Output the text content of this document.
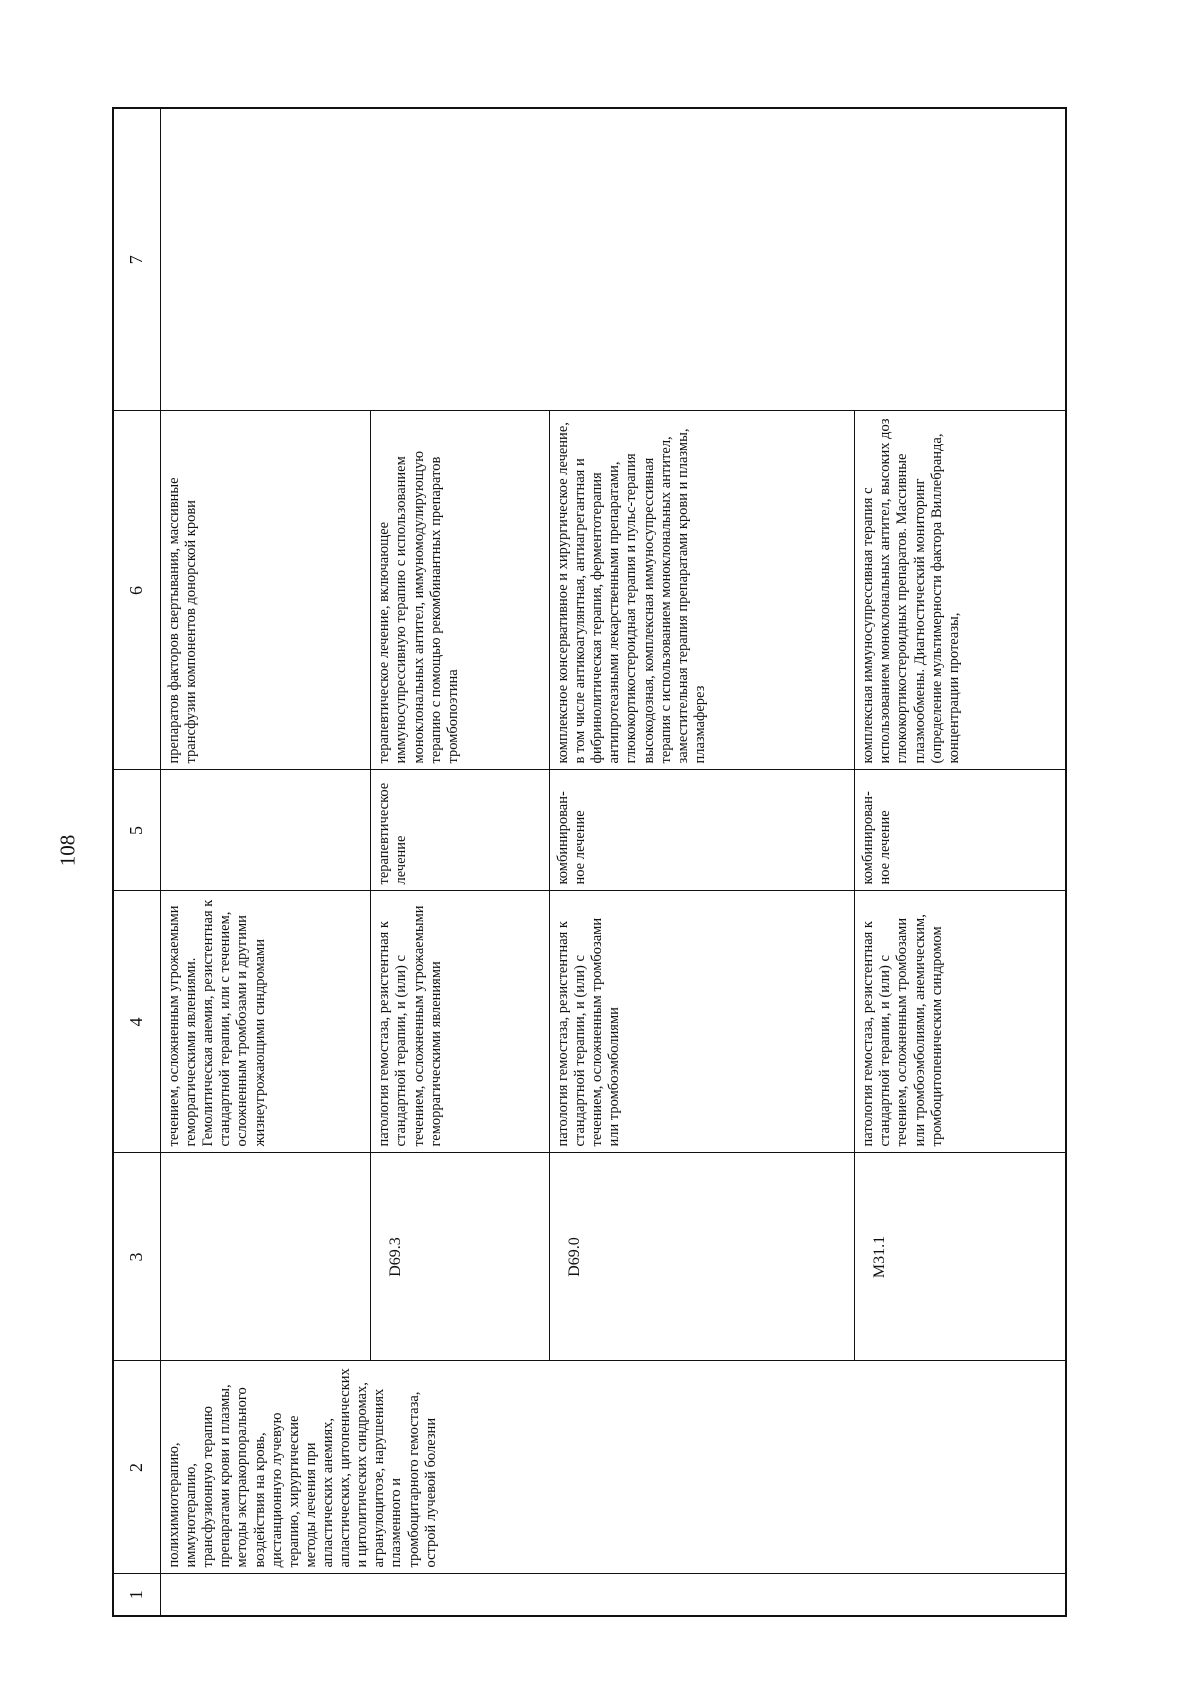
108
1	2	3	4	5	6	7
	полихимиотерапию, иммунотерапию, трансфузионную терапию препаратами крови и плазмы, методы экстракорпорального воздействия на кровь, дистанционную лучевую терапию, хирургические методы лечения при апластических анемиях, апластических, цитопенических и цитолитических синдромах, агранулоцитозе, нарушениях плазменного и тромбоцитарного гемостаза, острой лучевой болезни		течением, осложненным угрожаемыми геморрагическими явлениями. Гемолитическая анемия, резистентная к стандартной терапии, или с течением, осложненным тромбозами и другими жизнеугрожающими синдромами		препаратов факторов свертывания, массивные трансфузии компонентов донорской крови	
		D69.3	патология гемостаза, резистентная к стандартной терапии, и (или) с течением, осложненным угрожаемыми геморрагическими явлениями	терапевтическое лечение	терапевтическое лечение, включающее иммуносупрессивную терапию с использованием моноклональных антител, иммуномодулирующую терапию с помощью рекомбинантных препаратов тромбопоэтина	
		D69.0	патология гемостаза, резистентная к стандартной терапии, и (или) с течением, осложненным тромбозами или тромбоэмболиями	комбинирован-ное лечение	комплексное консервативное и хирургическое лечение, в том числе антикоагулянтная, антиагрегантная и фибринолитическая терапия, ферментотерапия антипротеазными лекарственными препаратами, глюкокортикостероидная терапия и пульс-терапия высокодозная, комплексная иммуносупрессивная терапия с использованием моноклональных антител, заместительная терапия препаратами крови и плазмы, плазмаферез	
		M31.1	патология гемостаза, резистентная к стандартной терапии, и (или) с течением, осложненным тромбозами или тромбоэмболиями, анемическим, тромбоцитопеническим синдромом	комбинирован-ное лечение	комплексная иммуносупрессивная терапия с использованием моноклональных антител, высоких доз глюкокортикостероидных препаратов. Массивные плазмообмены. Диагностический мониторинг (определение мультимерности фактора Виллебранда, концентрации протеазы,	
